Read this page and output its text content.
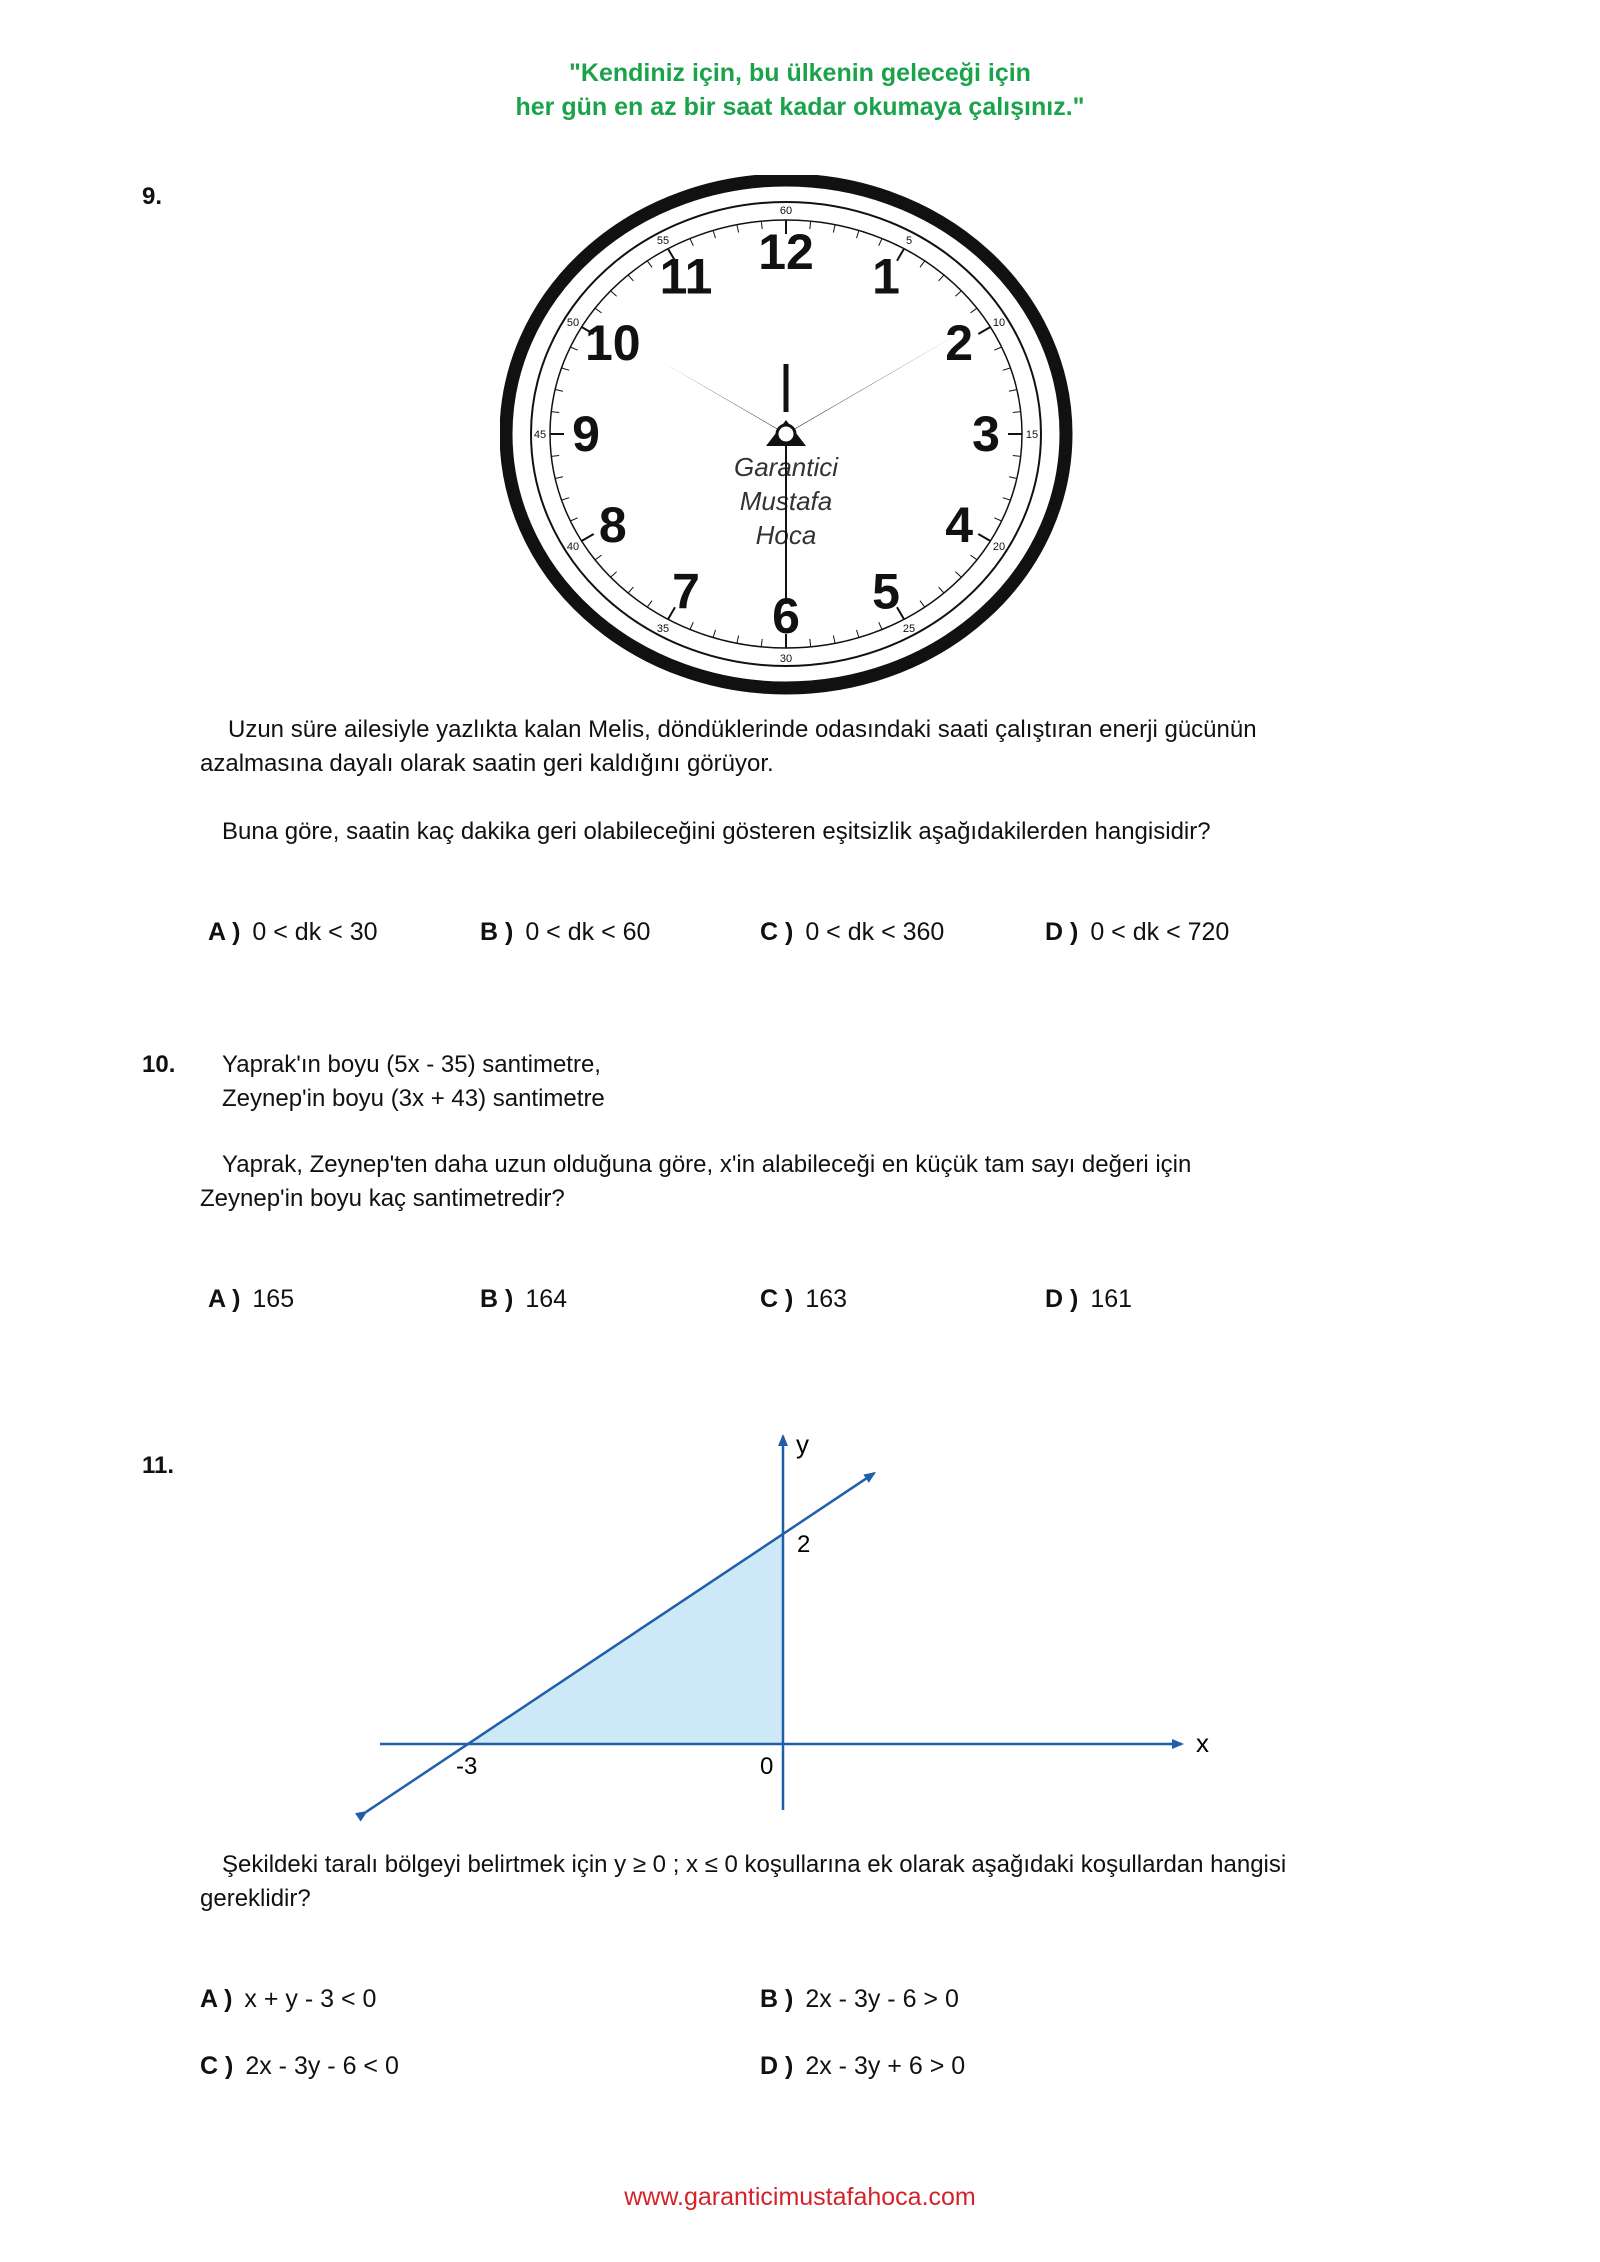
"Kendiniz için, bu ülkenin geleceği için
her gün en az bir saat kadar okumaya çalışınız."
9.
60
5
10
15
20
25
30
35
40
45
50
55 12 1
2
3
4
5
6
7
8
9
10
11
Garantici
Mustafa
Hoca
Uzun süre ailesiyle yazlıkta kalan Melis, döndüklerinde odasındaki saati çalıştıran enerji gücünün
azalmasına dayalı olarak saatin geri kaldığını görüyor.
Buna göre, saatin kaç dakika geri olabileceğini gösteren eşitsizlik aşağıdakilerden hangisidir?
A ) 0 < dk < 30	B ) 0 < dk < 60	C ) 0 < dk < 360	D ) 0 < dk < 720
10. Yaprak'ın boyu (5x - 35) santimetre,
Zeynep'in boyu (3x + 43) santimetre
Yaprak, Zeynep'ten daha uzun olduğuna göre, x'in alabileceği en küçük tam sayı değeri için
Zeynep'in boyu kaç santimetredir?
A ) 165	B ) 164	C ) 163	D ) 161
11.
x
y
-3
2
0
Şekildeki taralı bölgeyi belirtmek için y ≥ 0 ; x ≤ 0 koşullarına ek olarak aşağıdaki koşullardan hangisi
gereklidir?
A ) x + y - 3 < 0	B ) 2x - 3y - 6 > 0
C ) 2x - 3y - 6 < 0	D ) 2x - 3y + 6 > 0
www.garanticimustafahoca.com
